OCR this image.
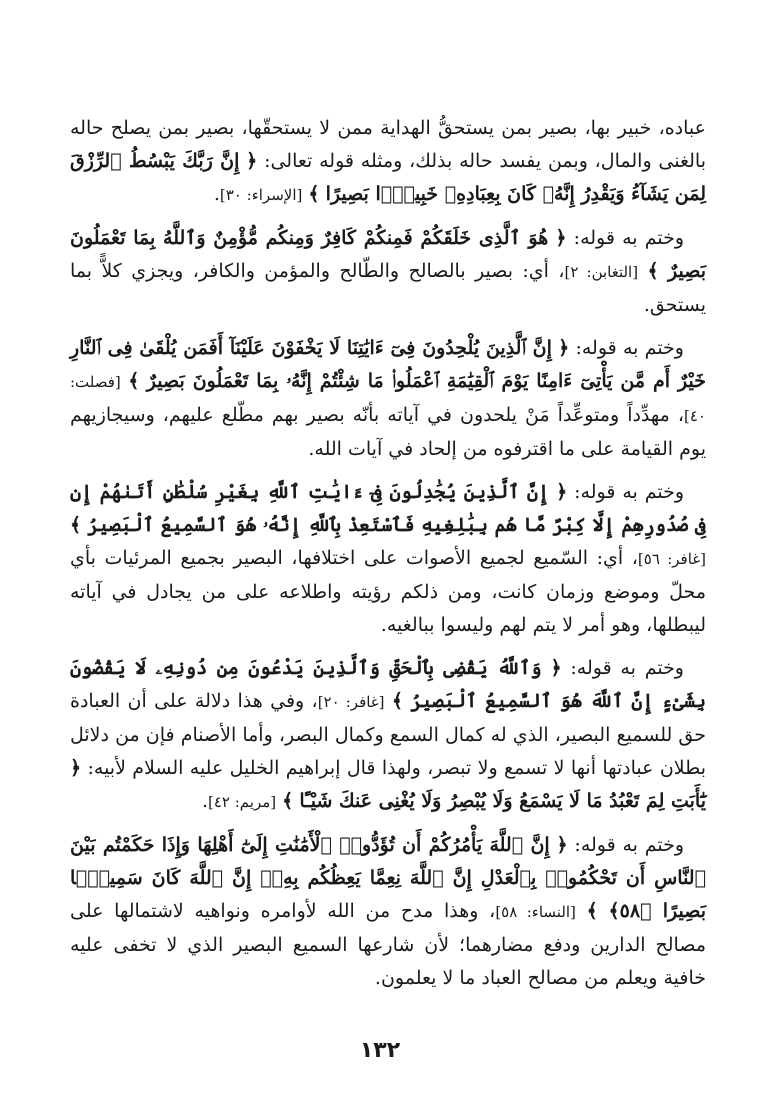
عباده، خبير بها، بصير بمن يستحقُّ الهداية ممن لا يستحقّها، بصير بمن يصلح حاله بالغنى والمال، وبمن يفسد حاله بذلك، ومثله قوله تعالى: ﴿ إِنَّ رَبَّكَ يَبْسُطُ ٱلرِّزْقَ لِمَن يَشَآءُ وَيَقْدِرُ إِنَّهُۥ كَانَ بِعِبَادِهِۦ خَبِيرًۢا بَصِيرًا ﴾ [الإسراء: ٣٠].

وختم به قوله: ﴿ هُوَ ٱلَّذِى خَلَقَكُمْ فَمِنكُمْ كَافِرٌ وَمِنكُم مُّؤْمِنٌ وَٱللَّهُ بِمَا تَعْمَلُونَ بَصِيرٌ ﴾ [التغابن: ٢]، أي: بصير بالصالح والطّالح والمؤمن والكافر، ويجزي كلاًّ بما يستحق.

وختم به قوله: ﴿ إِنَّ ٱلَّذِينَ يُلْحِدُونَ فِىٓ ءَايَٰتِنَا لَا يَخْفَوْنَ عَلَيْنَآ أَفَمَن يُلْقَىٰ فِى ٱلنَّارِ خَيْرٌ أَم مَّن يَأْتِىٓ ءَامِنًا يَوْمَ ٱلْقِيَٰمَةِ ٱعْمَلُوا۟ مَا شِئْتُمْ إِنَّهُۥ بِمَا تَعْمَلُونَ بَصِيرٌ ﴾ [فصلت: ٤٠]، مهدِّداً ومتوعِّداً مَنْ يلحدون في آياته بأنّه بصير بهم مطّلع عليهم، وسيجازيهم يوم القيامة على ما اقترفوه من إلحاد في آيات الله.

وختم به قوله: ﴿ إِنَّ ٱلَّذِينَ يُجَٰدِلُونَ فِىٓ ءَايَٰتِ ٱللَّهِ بِغَيْرِ سُلْطَٰنٍ أَتَىٰهُمْ إِن فِى صُدُورِهِمْ إِلَّا كِبْرٌ مَّا هُم بِبَٰلِغِيهِ فَٱسْتَعِذْ بِٱللَّهِ إِنَّهُۥ هُوَ ٱلسَّمِيعُ ٱلْبَصِيرُ ﴾ [غافر: ٥٦]، أي: السّميع لجميع الأصوات على اختلافها، البصير بجميع المرئيات بأي محلّ وموضع وزمان كانت، ومن ذلكم رؤيته واطلاعه على من يجادل في آياته ليبطلها، وهو أمر لا يتم لهم وليسوا ببالغيه.

وختم به قوله: ﴿ وَٱللَّهُ يَقْضِى بِٱلْحَقِّ وَٱلَّذِينَ يَدْعُونَ مِن دُونِهِۦ لَا يَقْضُونَ بِشَىْءٍ إِنَّ ٱللَّهَ هُوَ ٱلسَّمِيعُ ٱلْبَصِيرُ ﴾ [غافر: ٢٠]، وفي هذا دلالة على أن العبادة حق للسميع البصير، الذي له كمال السمع وكمال البصر، وأما الأصنام فإن من دلائل بطلان عبادتها أنها لا تسمع ولا تبصر، ولهذا قال إبراهيم الخليل عليه السلام لأبيه: ﴿ يَٰٓأَبَتِ لِمَ تَعْبُدُ مَا لَا يَسْمَعُ وَلَا يُبْصِرُ وَلَا يُغْنِى عَنكَ شَيْـًٔا ﴾ [مريم: ٤٢].

وختم به قوله: ﴿ إِنَّ ٱللَّهَ يَأْمُرُكُمْ أَن تُؤَدُّوا۟ ٱلْأَمَٰنَٰتِ إِلَىٰٓ أَهْلِهَا وَإِذَا حَكَمْتُم بَيْنَ ٱلنَّاسِ أَن تَحْكُمُوا۟ بِٱلْعَدْلِ إِنَّ ٱللَّهَ نِعِمَّا يَعِظُكُم بِهِۦٓ إِنَّ ٱللَّهَ كَانَ سَمِيعًۢا بَصِيرًا ﴿٥٨﴾ ﴾ [النساء: ٥٨]، وهذا مدح من الله لأوامره ونواهيه لاشتمالها على مصالح الدارين ودفع مضارهما؛ لأن شارعها السميع البصير الذي لا تخفى عليه خافية ويعلم من مصالح العباد ما لا يعلمون.

١٣٢
